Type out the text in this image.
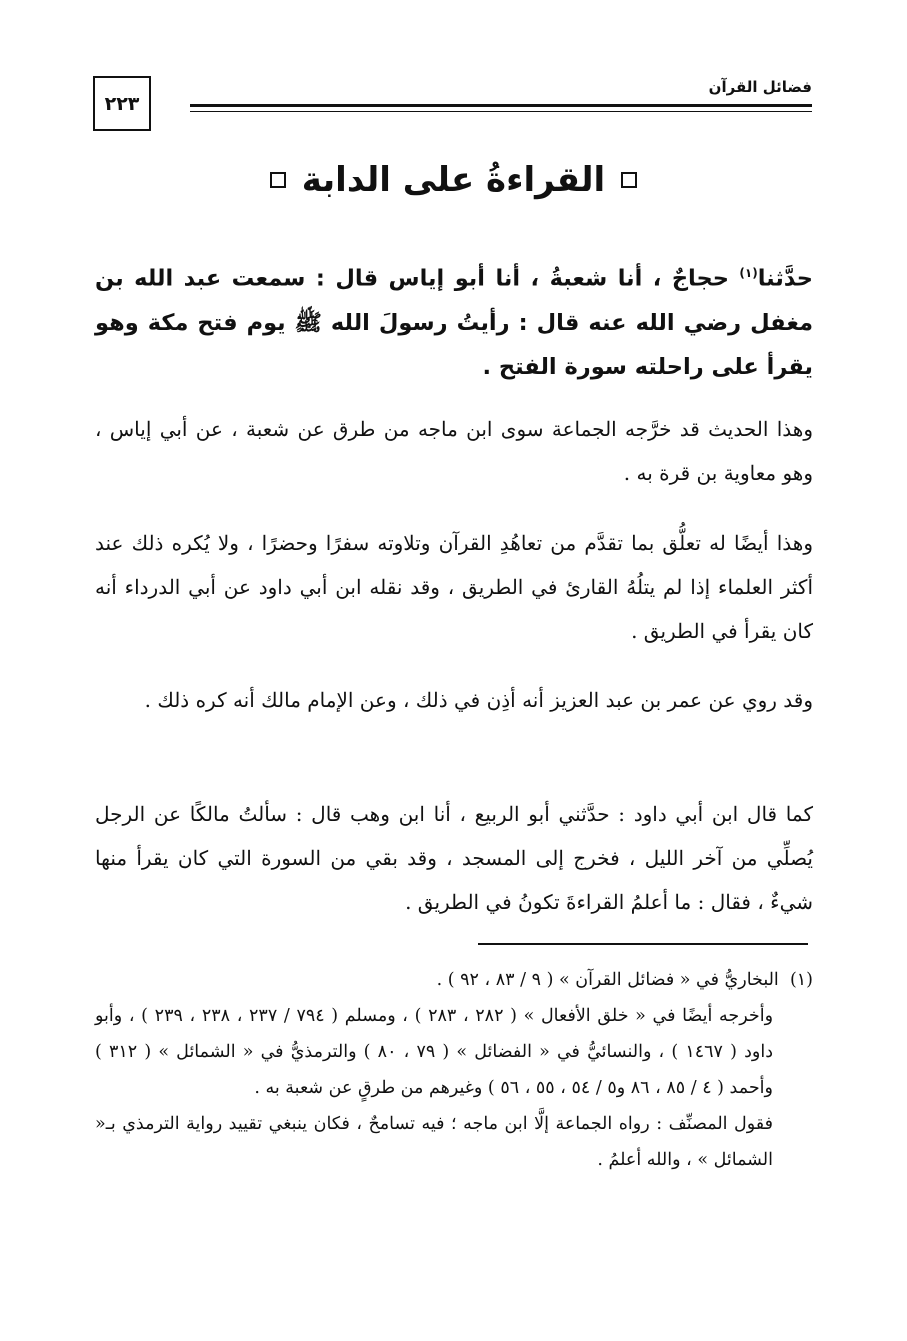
٢٢٣
فضائل القرآن
القراءةُ على الدابة
حدَّثنا$^{(١)}$ حجاجٌ ، أنا شعبةُ ، أنا أبو إياس قال : سمعت عبد الله بن مغفل رضي الله عنه قال : رأيتُ رسولَ الله ﷺ يوم فتح مكة وهو يقرأ على راحلته سورة الفتح .
وهذا الحديث قد خرَّجه الجماعة سوى ابن ماجه من طرق عن شعبة ، عن أبي إياس ، وهو معاوية بن قرة به .
وهذا أيضًا له تعلُّق بما تقدَّم من تعاهُدِ القرآن وتلاوته سفرًا وحضرًا ، ولا يُكره ذلك عند أكثر العلماء إذا لم يتلُهُ القارئ في الطريق ، وقد نقله ابن أبي داود عن أبي الدرداء أنه كان يقرأ في الطريق .
وقد روي عن عمر بن عبد العزيز أنه أذِن في ذلك ، وعن الإمام مالك أنه كره ذلك .
كما قال ابن أبي داود : حدَّثني أبو الربيع ، أنا ابن وهب قال : سألتُ مالكًا عن الرجل يُصلِّي من آخر الليل ، فخرج إلى المسجد ، وقد بقي من السورة التي كان يقرأ منها شيءٌ ، فقال : ما أعلمُ القراءةَ تكونُ في الطريق .
(١)  البخاريُّ في « فضائل القرآن » ( ٩ / ٨٣ ، ٩٢ ) .
وأخرجه أيضًا في « خلق الأفعال » ( ٢٨٢ ، ٢٨٣ ) ، ومسلم ( ٧٩٤ / ٢٣٧ ، ٢٣٨ ، ٢٣٩ ) ، وأبو داود ( ١٤٦٧ ) ، والنسائيُّ في « الفضائل » ( ٧٩ ، ٨٠ ) والترمذيُّ في « الشمائل » ( ٣١٢ ) وأحمد ( ٤ / ٨٥ ، ٨٦ و٥ / ٥٤ ، ٥٥ ، ٥٦ ) وغيرهم من طرقٍ عن شعبة به .
فقول المصنِّف : رواه الجماعة إلَّا ابن ماجه ؛ فيه تسامحٌ ، فكان ينبغي تقييد رواية الترمذي بـ« الشمائل » ، والله أعلمُ .
